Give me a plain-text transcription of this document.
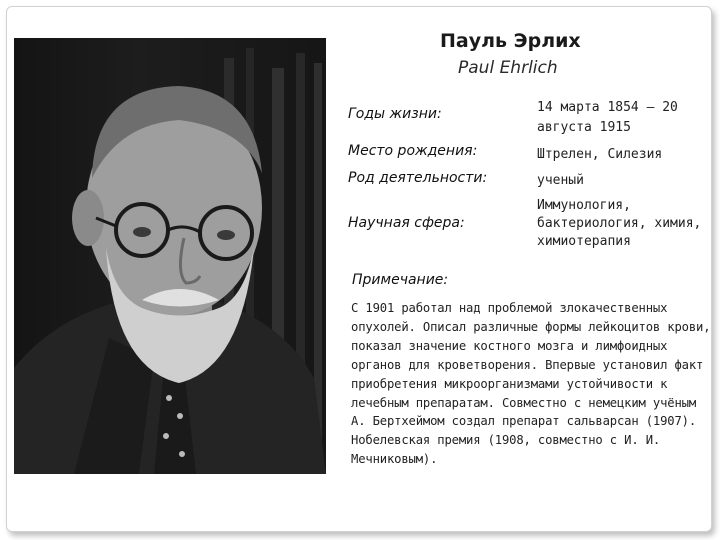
Пауль Эрлих
Paul Ehrlich
Годы жизни:	14 марта 1854 — 20 августа 1915
Место рождения:	Штрелен, Силезия
Род деятельности:	ученый
Научная сфера:
Иммунология, бактериология, химия, химиотерапия
Примечание:
С 1901 работал над проблемой злокачественных опухолей. Описал различные формы лейкоцитов крови, показал значение костного мозга и лимфоидных органов для кроветворения. Впервые установил факт приобретения микроорганизмами устойчивости к лечебным препаратам. Совместно с немецким учёным А. Бертхеймом создал препарат сальварсан (1907). Нобелевская премия (1908, совместно с И. И. Мечниковым).
